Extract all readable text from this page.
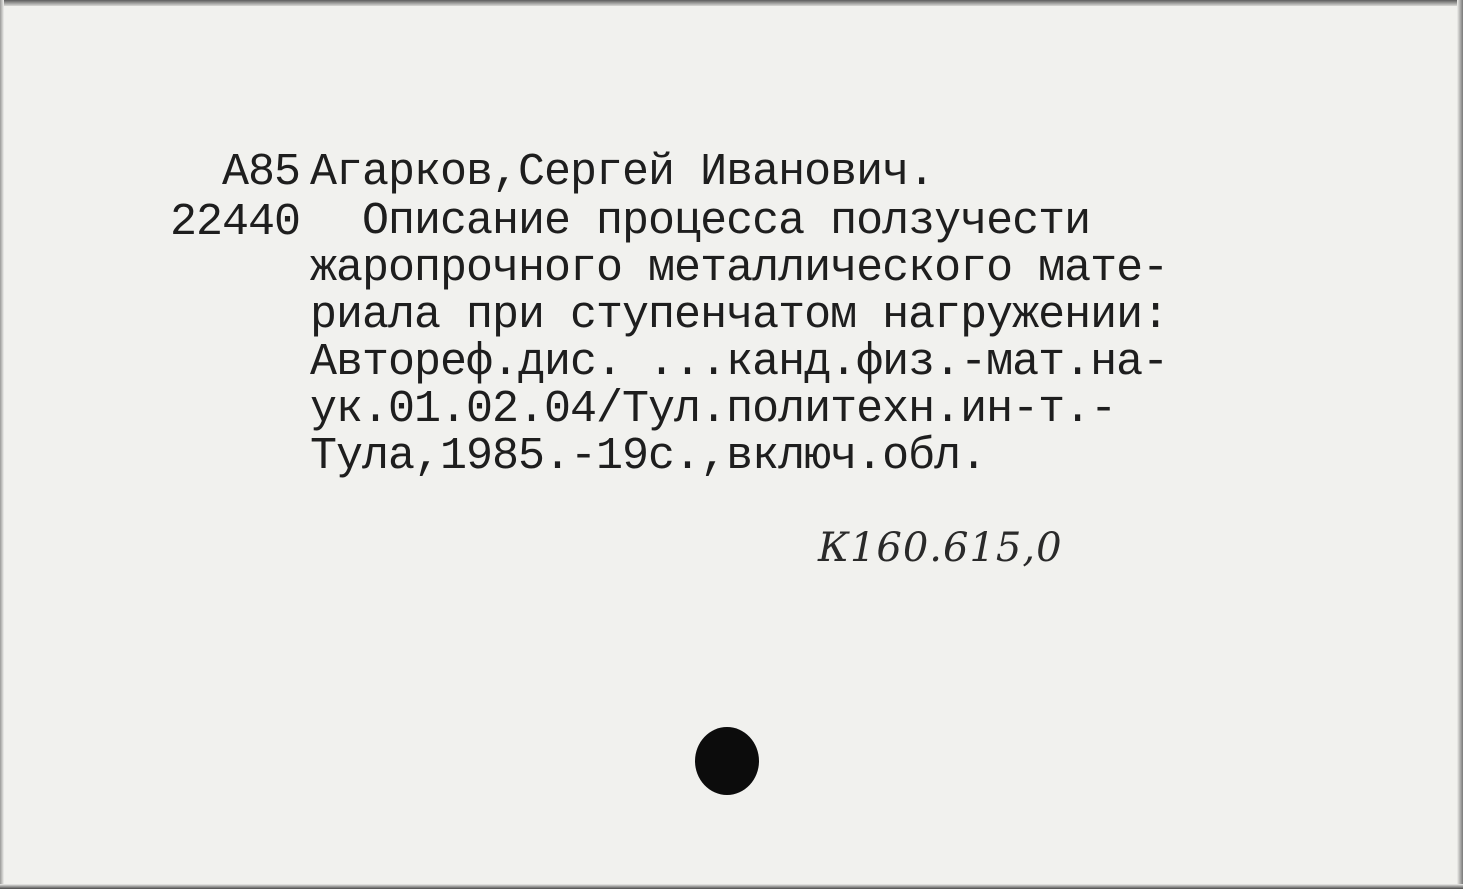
А85
22440
Агарков,Сергей Иванович.
Описание процесса ползучести
жаропрочного металлического мате-
риала при ступенчатом нагружении:
Автореф.дис. ...канд.физ.-мат.на-
ук.01.02.04/Тул.политехн.ин-т.-
Тула,1985.-19с.,включ.обл.
К160.615,0
